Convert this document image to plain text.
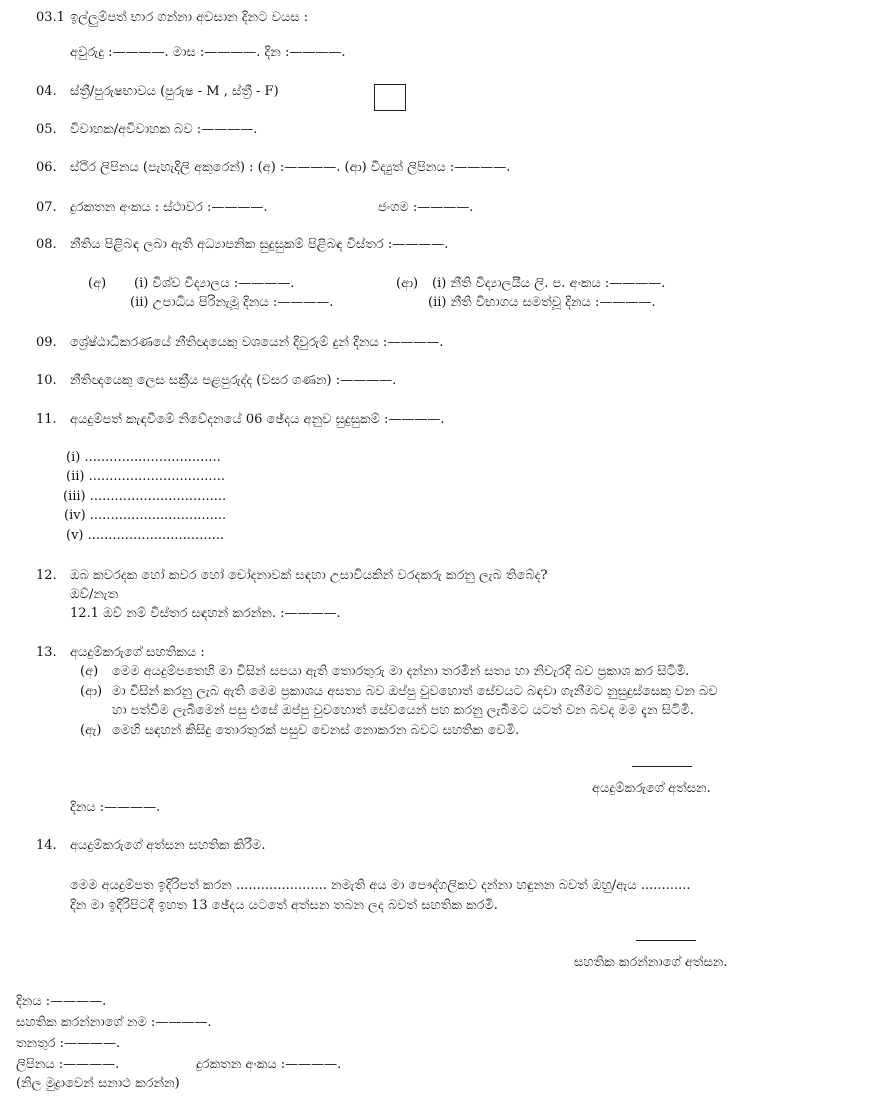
03.1 ඉල්ලුම්පත් භාර ගන්නා අවසාන දිනට වයස :
අවුරුදු :————. මාස :————. දින :————.
04. ස්ත්‍රී/පුරුෂභාවය (පුරුෂ - M , ස්ත්‍රී - F)
05. විවාහක/අවිවාහක බව :————.
06. ස්ථිර ලිපිනය (පැහැදිලි අකුරෙන්) : (අ) :————. (ආ) විද්‍යුත් ලිපිනය :————.
07. දුරකතන අංකය : ස්ථාවර :————.	ජංගම :————.
08. නීතිය පිළිබඳ ලබා ඇති අධ්‍යාපනික සුදුසුකම් පිළිබඳ විස්තර :————.
(අ) (i) විශ්ව විද්‍යාලය :————.
(ii) උපාධිය පිරිනැමූ දිනය :————.
(ආ) (i) නීති විද්‍යාලයීය ලි. ප. අංකය :————.
(ii) නීති විභාගය සමත්වූ දිනය :————.
09. ශ්‍රේෂ්ඨාධිකරණයේ නීතිඥයෙකු වශයෙන් දිවුරුම් දුන් දිනය :————.
10. නීතිඥයෙකු ලෙස සක්‍රීය පළපුරුද්ද (වසර ගණන) :————.
11. අයදුම්පත් කැඳවීමේ නිවේදනයේ 06 ඡේදය අනුව සුදුසුකම් :————.
(i) .................................
(ii) .................................
(iii) .................................
(iv) .................................
(v) .................................
12. ඔබ කවරදක හෝ කවර හෝ චෝදනාවක් සඳහා උසාවියකින් වරදකරු කරනු ලැබ තිබේද?
ඔව්/නැත
12.1 ඔව් නම් විස්තර සඳහන් කරන්න. :————.
13. අයදුම්කරුගේ සහතිකය :
(අ) මෙම අයදුම්පතෙහි මා විසින් සපයා ඇති තොරතුරු මා දන්නා තරමින් සත්‍ය හා නිවැරදි බව ප්‍රකාශ කර සිටිමි.
(ආ) මා විසින් කරනු ලැබ ඇති මෙම ප්‍රකාශය අසත්‍ය බව ඔප්පු වුවහොත් සේවයට බඳවා ගැනීමට නුසුදුස්සෙකු වන බව
හා පත්වීම ලැබීමෙන් පසු එසේ ඔප්පු වුවහොත් සේවයෙන් පහ කරනු ලැබීමට යටත් වන බවද මම දැන සිටිමි.
(ඇ) මෙහි සඳහන් කිසිදු තොරතුරක් පසුව වෙනස් නොකරන බවට සහතික වෙමි.
අයදුම්කරුගේ අත්සන.
දිනය :————.
14. අයදුම්කරුගේ අත්සන සහතික කිරීම.
මෙම අයදුම්පත ඉදිරිපත් කරන ...................... නමැති අය මා පෞද්ගලිකව දන්නා හඳුනන බවත් ඔහු/ඇය ............
දින මා ඉදිරිපිටදී ඉහත 13 ඡේදය යටතේ අත්සන තබන ලද බවත් සහතික කරමි.
සහතික කරන්නාගේ අත්සන.
දිනය :————.
සහතික කරන්නාගේ නම :————.
තනතුර :————.
ලිපිනය :————.	දුරකතන අංකය :————.
(නිල මුද්‍රාවෙන් සනාථ කරන්න)
